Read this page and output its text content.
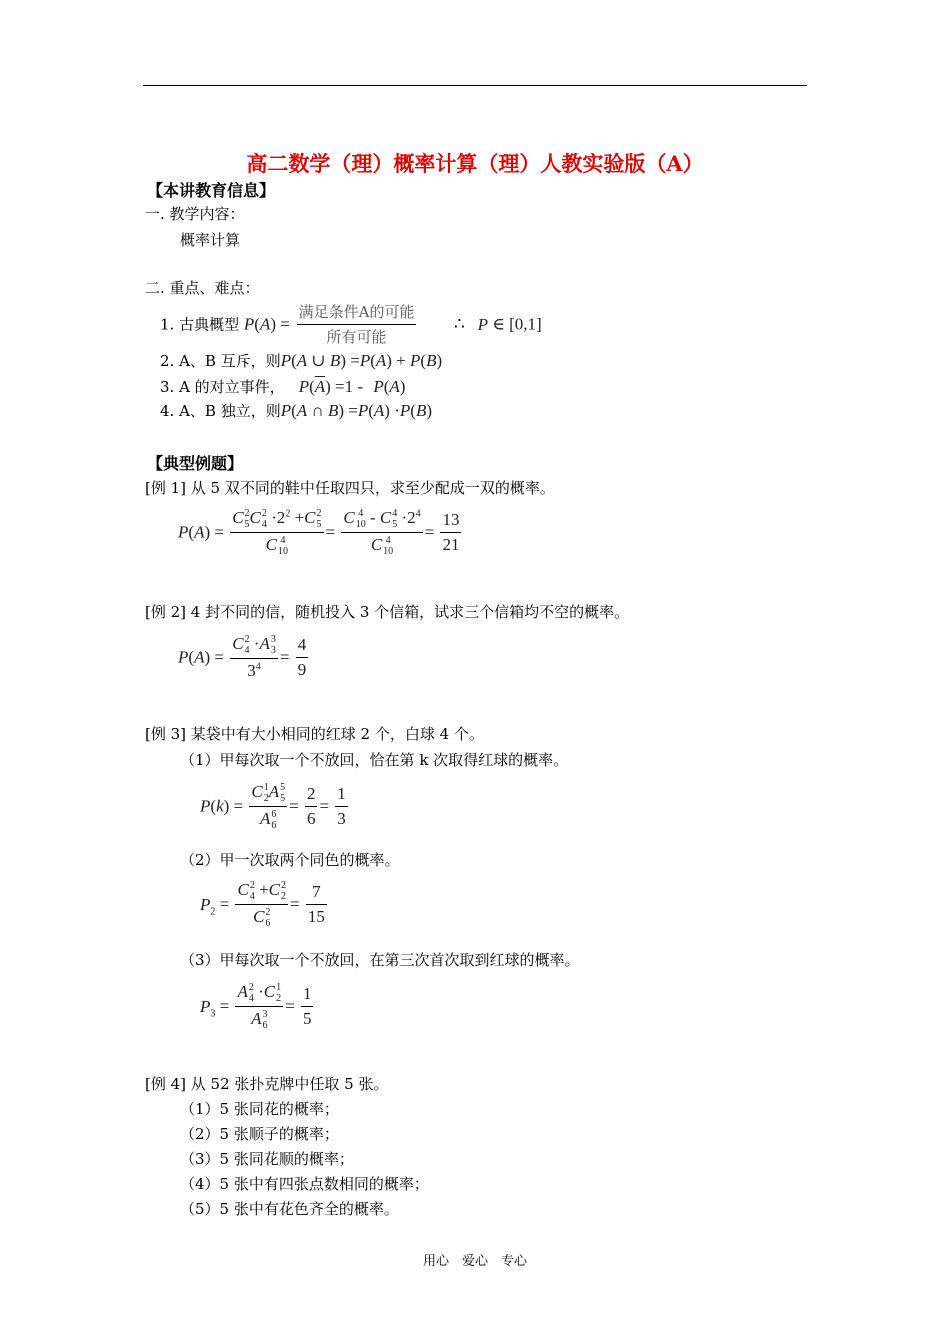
高二数学（理）概率计算（理）人教实验版（A）
【本讲教育信息】
一. 教学内容：
概率计算
二. 重点、难点：
1. 古典概型 $P(A) = \frac{\text{满足条件A的可能}}{\text{所有可能}}$ ∴ P ∈ [0,1]
2. A、B 互斥，则P(A ∪ B) =P(A) + P(B)
3. A 的对立事件， $P(\overline{A}) =1 - P(A)$
4. A、B 独立，则P(A ∩ B) =P(A) ·P(B)
【典型例题】
[例 1] 从 5 双不同的鞋中任取四只，求至少配成一双的概率。
P(A) = C 2
5 C 2
$4 \cdot 2^2 +C$ 2
5
C 4
10 = C 4
10 - C 4
$5 \cdot 2^4$
C 4
$10 = \frac{13}{21}$
[例 2] 4 封不同的信，随机投入 3 个信箱，试求三个信箱均不空的概率。
P(A) = C 2
4 ·A 3
3
$3^4 = \frac{4}{9}$
[例 3] 某袋中有大小相同的红球 2 个，白球 4 个。
（1）甲每次取一个不放回，恰在第 k 次取得红球的概率。
P(k) = C 1
2 A 5
5
A 6
$6 = \frac{2}{6} = \frac{1}{3}$
（2）甲一次取两个同色的概率。
$P_2 = C$ 2
4 +C 2
2
C 2
$6 = \frac{7}{15}$
（3）甲每次取一个不放回，在第三次首次取到红球的概率。
$P_3 = A$ 2
4 ·C 1
2
A 3
$6 = \frac{1}{5}$
[例 4] 从 52 张扑克牌中任取 5 张。
（1）5 张同花的概率；
（2）5 张顺子的概率；
（3）5 张同花顺的概率；
（4）5 张中有四张点数相同的概率；
（5）5 张中有花色齐全的概率。
用心　爱心　专心
